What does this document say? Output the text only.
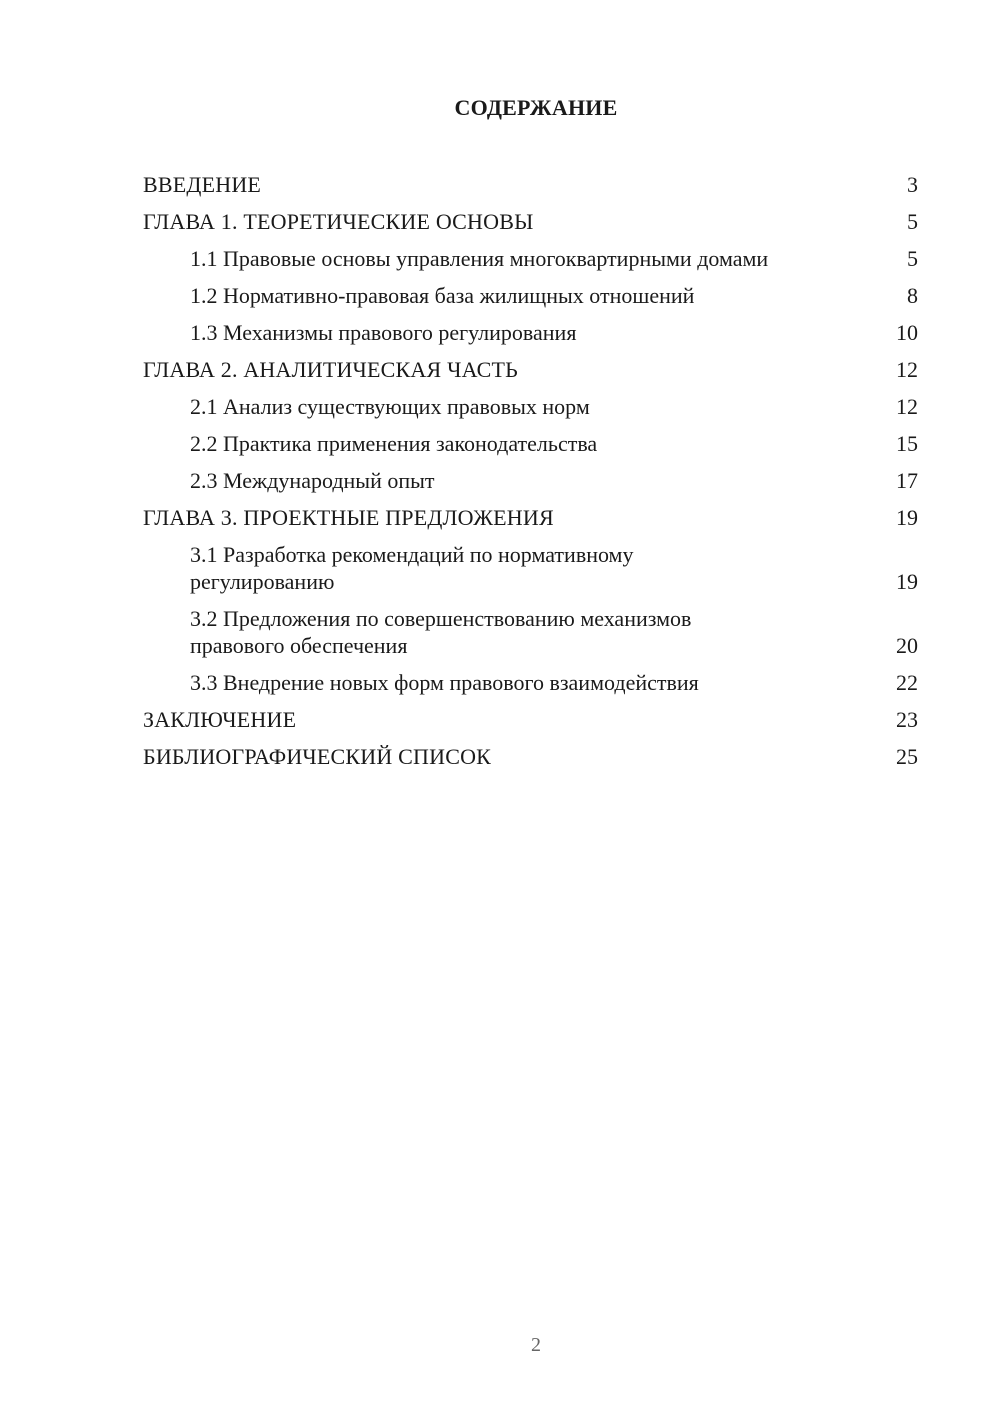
СОДЕРЖАНИЕ
ВВЕДЕНИЕ	3
ГЛАВА 1. ТЕОРЕТИЧЕСКИЕ ОСНОВЫ	5
1.1 Правовые основы управления многоквартирными домами	5
1.2 Нормативно-правовая база жилищных отношений	8
1.3 Механизмы правового регулирования	10
ГЛАВА 2. АНАЛИТИЧЕСКАЯ ЧАСТЬ	12
2.1 Анализ существующих правовых норм	12
2.2 Практика применения законодательства	15
2.3 Международный опыт	17
ГЛАВА 3. ПРОЕКТНЫЕ ПРЕДЛОЖЕНИЯ	19
3.1 Разработка рекомендаций по нормативному регулированию	19
3.2 Предложения по совершенствованию механизмов правового обеспечения	20
3.3 Внедрение новых форм правового взаимодействия	22
ЗАКЛЮЧЕНИЕ	23
БИБЛИОГРАФИЧЕСКИЙ СПИСОК	25
2
